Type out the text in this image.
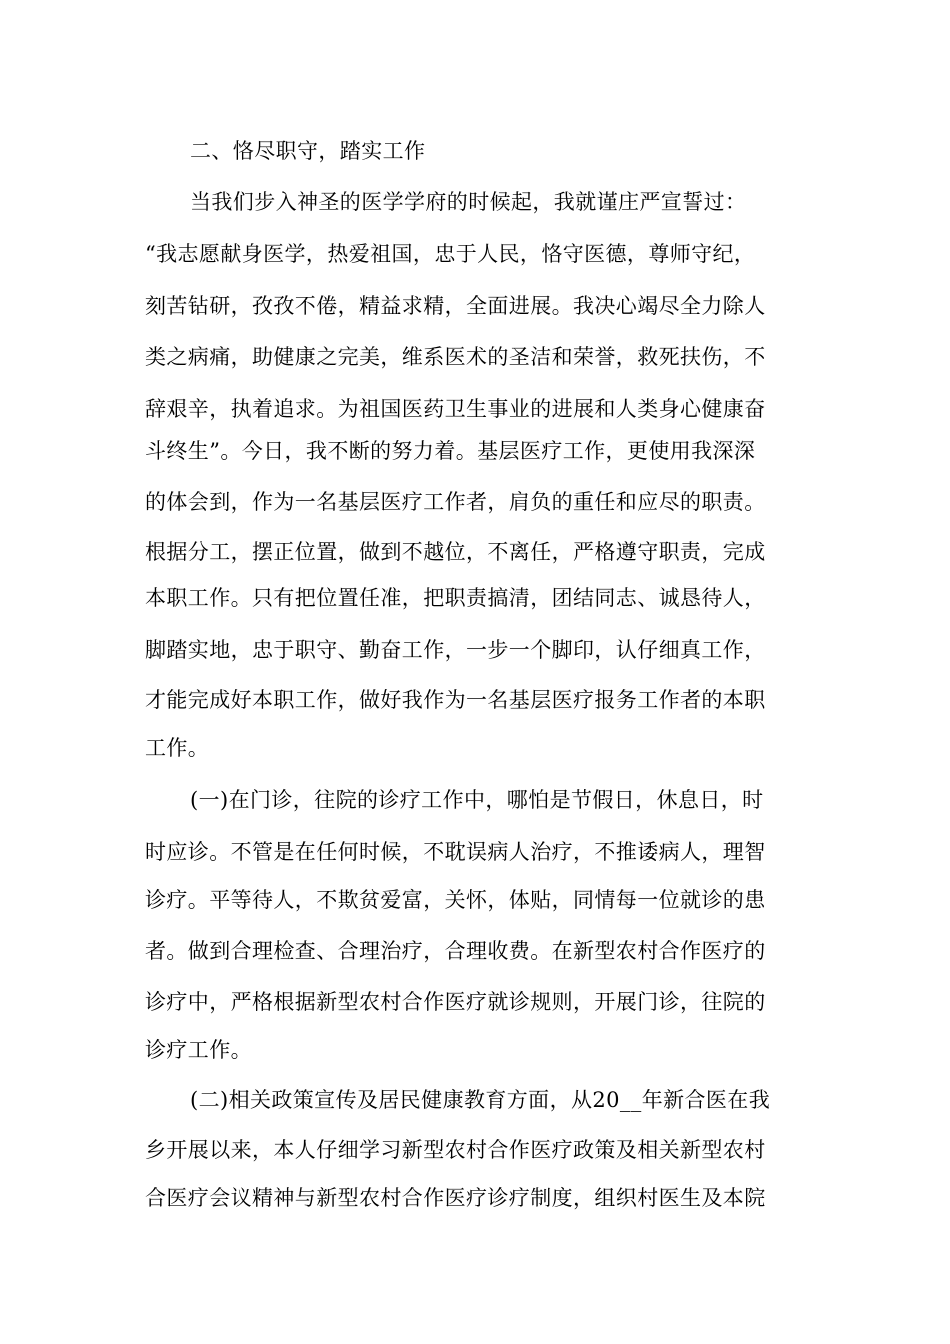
二、恪尽职守，踏实工作
当我们步入神圣的医学学府的时候起，我就谨庄严宣誓过：
“我志愿献身医学，热爱祖国，忠于人民，恪守医德，尊师守纪，
刻苦钻研，孜孜不倦，精益求精，全面进展。我决心竭尽全力除人
类之病痛，助健康之完美，维系医术的圣洁和荣誉，救死扶伤，不
辞艰辛，执着追求。为祖国医药卫生事业的进展和人类身心健康奋
斗终生”。今日，我不断的努力着。基层医疗工作，更使用我深深
的体会到，作为一名基层医疗工作者，肩负的重任和应尽的职责。
根据分工，摆正位置，做到不越位，不离任，严格遵守职责，完成
本职工作。只有把位置任准，把职责搞清，团结同志、诚恳待人，
脚踏实地，忠于职守、勤奋工作，一步一个脚印，认仔细真工作，
才能完成好本职工作，做好我作为一名基层医疗报务工作者的本职
工作。
(一)在门诊，往院的诊疗工作中，哪怕是节假日，休息日，时
时应诊。不管是在任何时候，不耽误病人治疗，不推诿病人，理智
诊疗。平等待人，不欺贫爱富，关怀，体贴，同情每一位就诊的患
者。做到合理检查、合理治疗，合理收费。在新型农村合作医疗的
诊疗中，严格根据新型农村合作医疗就诊规则，开展门诊，往院的
诊疗工作。
(二)相关政策宣传及居民健康教育方面，从20__年新合医在我
乡开展以来，本人仔细学习新型农村合作医疗政策及相关新型农村
合医疗会议精神与新型农村合作医疗诊疗制度，组织村医生及本院
